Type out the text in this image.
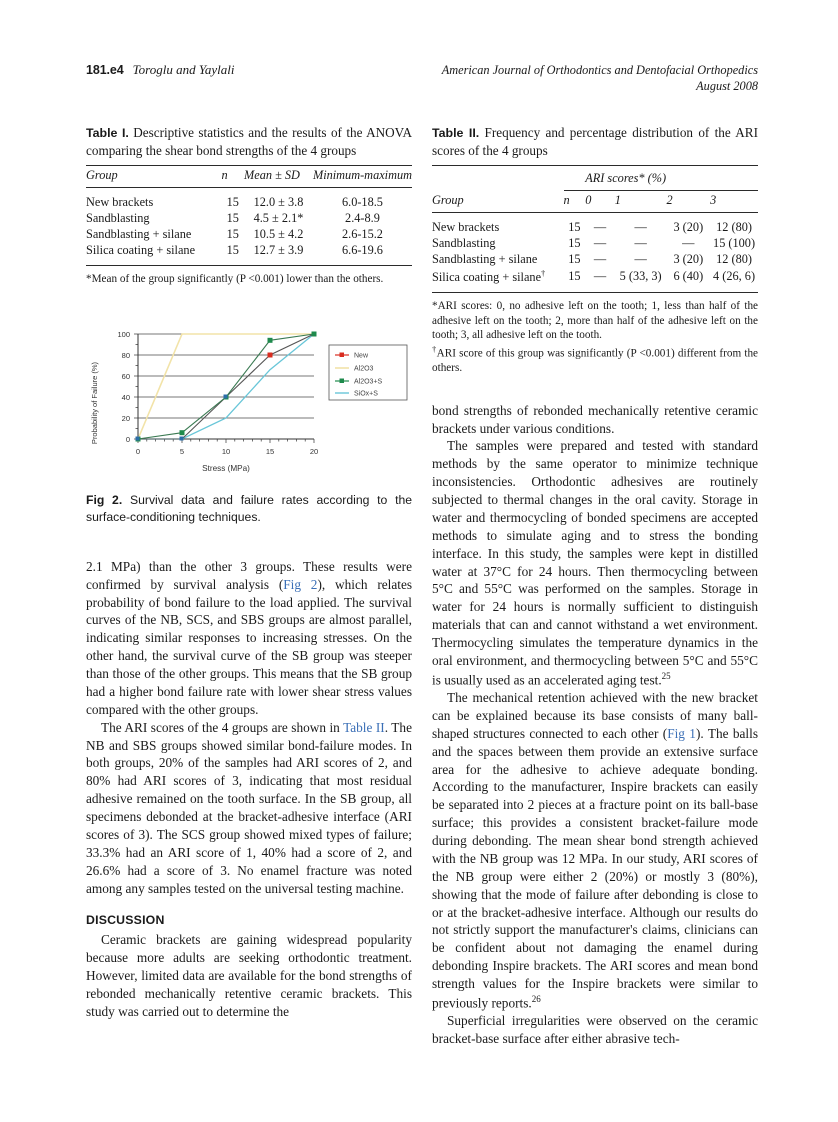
181.e4 Toroglu and Yaylali	American Journal of Orthodontics and Dentofacial Orthopedics
August 2008
Table I. Descriptive statistics and the results of the ANOVA comparing the shear bond strengths of the 4 groups
Group	n	Mean ± SD	Minimum-maximum

New brackets	15	12.0 ± 3.8	6.0-18.5
Sandblasting	15	4.5 ± 2.1*	2.4-8.9
Sandblasting + silane	15	10.5 ± 4.2	2.6-15.2
Silica coating + silane	15	12.7 ± 3.9	6.6-19.6

*Mean of the group significantly (P <0.001) lower than the others.
Probability of Failure (%)
100
80
60
40
20
0
0	5	10	15	20
Stress (MPa)
New
Al2O3
Al2O3+S
SiOx+S
Fig 2. Survival data and failure rates according to the surface-conditioning techniques.

2.1 MPa) than the other 3 groups. These results were confirmed by survival analysis (Fig 2), which relates probability of bond failure to the load applied. The survival curves of the NB, SCS, and SBS groups are almost parallel, indicating similar responses to increasing stresses. On the other hand, the survival curve of the SB group was steeper than those of the other groups. This means that the SB group had a higher bond failure rate with lower shear stress values compared with the other groups.

The ARI scores of the 4 groups are shown in Table II. The NB and SBS groups showed similar bond-failure modes. In both groups, 20% of the samples had ARI scores of 2, and 80% had ARI scores of 3, indicating that most residual adhesive remained on the tooth surface. In the SB group, all specimens debonded at the bracket-adhesive interface (ARI scores of 3). The SCS group showed mixed types of failure; 33.3% had an ARI score of 1, 40% had a score of 2, and 26.6% had a score of 3. No enamel fracture was noted among any samples tested on the universal testing machine.

DISCUSSION

Ceramic brackets are gaining widespread popularity because more adults are seeking orthodontic treatment. However, limited data are available for the bond strengths of rebonded mechanically retentive ceramic brackets. This study was carried out to determine the

Table II. Frequency and percentage distribution of the ARI scores of the 4 groups
		ARI scores* (%)			
Group	n	0	1	2	3

New brackets	15	—	—	3 (20)	12 (80)
Sandblasting	15	—	—	—	15 (100)
Sandblasting + silane	15	—	—	3 (20)	12 (80)
Silica coating + silane†	15	—	5 (33, 3)	6 (40)	4 (26, 6)

*ARI scores: 0, no adhesive left on the tooth; 1, less than half of the adhesive left on the tooth; 2, more than half of the adhesive left on the tooth; 3, all adhesive left on the tooth.
†ARI score of this group was significantly (P <0.001) different from the others.

bond strengths of rebonded mechanically retentive ceramic brackets under various conditions.

The samples were prepared and tested with standard methods by the same operator to minimize technique inconsistencies. Orthodontic adhesives are routinely subjected to thermal changes in the oral cavity. Storage in water and thermocycling of bonded specimens are accepted methods to simulate aging and to stress the bonding interface. In this study, the samples were kept in distilled water at 37°C for 24 hours. Then thermocycling between 5°C and 55°C was performed on the samples. Storage in water for 24 hours is normally sufficient to distinguish materials that can and cannot withstand a wet environment. Thermocycling simulates the temperature dynamics in the oral environment, and thermocycling between 5°C and 55°C is usually used as an accelerated aging test.$^{25}$

The mechanical retention achieved with the new bracket can be explained because its base consists of many ball-shaped structures connected to each other (Fig 1). The balls and the spaces between them provide an extensive surface area for the adhesive to achieve adequate bonding. According to the manufacturer, Inspire brackets can easily be separated into 2 pieces at a fracture point on its ball-base surface; this provides a consistent bracket-failure mode during debonding. The mean shear bond strength achieved with the NB group was 12 MPa. In our study, ARI scores of the NB group were either 2 (20%) or mostly 3 (80%), showing that the mode of failure after debonding is close to or at the bracket-adhesive interface. Although our results do not strictly support the manufacturer's claims, clinicians can be confident about not damaging the enamel during debonding Inspire brackets. The ARI scores and mean bond strength values for the Inspire brackets were similar to previously reports.$^{26}$

Superficial irregularities were observed on the ceramic bracket-base surface after either abrasive tech-
